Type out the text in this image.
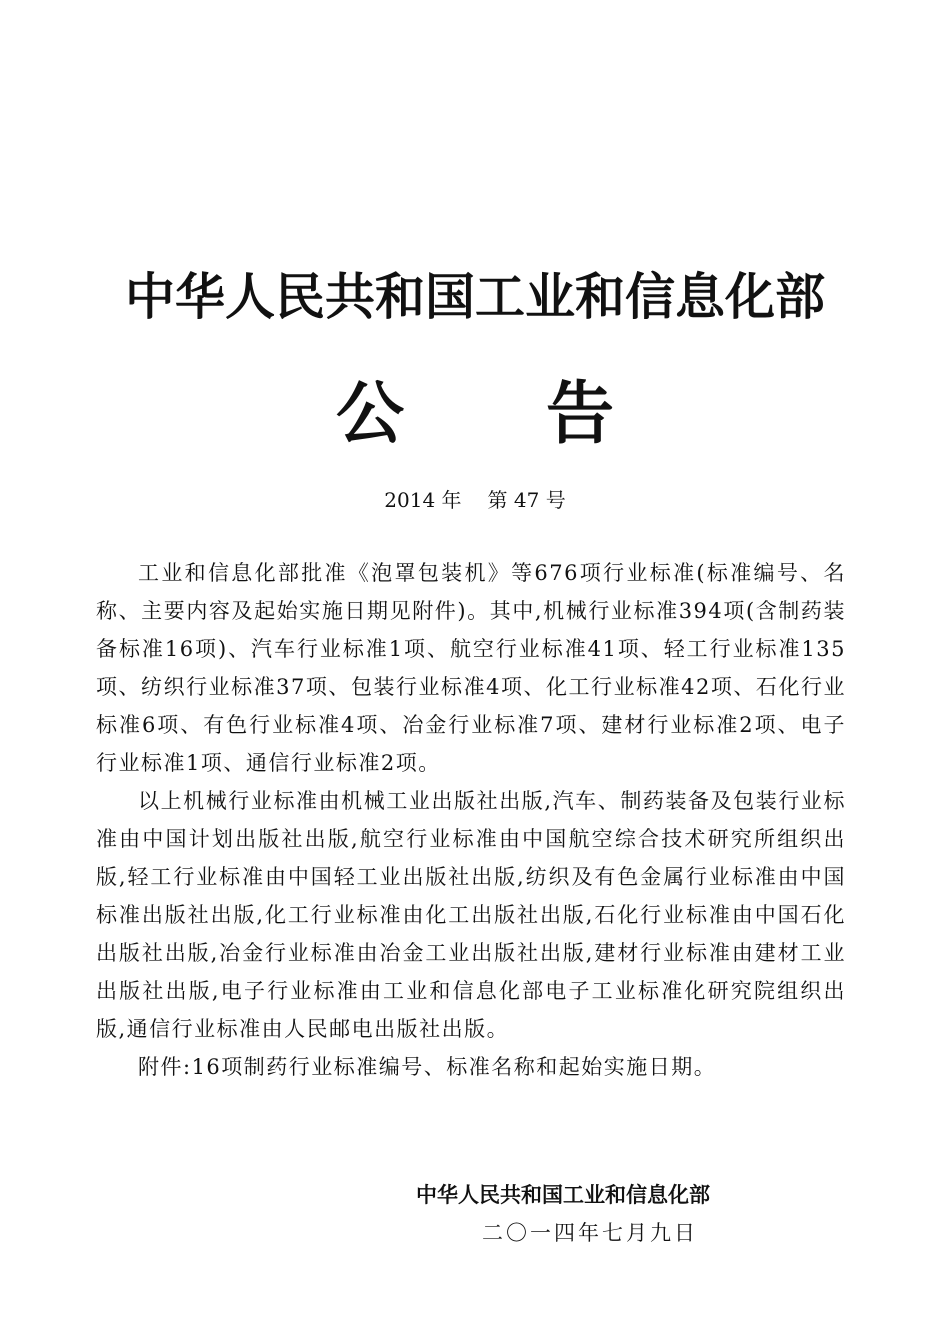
中华人民共和国工业和信息化部
公 告
2014 年 第 47 号

工业和信息化部批准《泡罩包装机》等676项行业标准(标准编号、名称、主要内容及起始实施日期见附件)。其中,机械行业标准394项(含制药装备标准16项)、汽车行业标准1项、航空行业标准41项、轻工行业标准135项、纺织行业标准37项、包装行业标准4项、化工行业标准42项、石化行业标准6项、有色行业标准4项、冶金行业标准7项、建材行业标准2项、电子行业标准1项、通信行业标准2项。

以上机械行业标准由机械工业出版社出版,汽车、制药装备及包装行业标准由中国计划出版社出版,航空行业标准由中国航空综合技术研究所组织出版,轻工行业标准由中国轻工业出版社出版,纺织及有色金属行业标准由中国标准出版社出版,化工行业标准由化工出版社出版,石化行业标准由中国石化出版社出版,冶金行业标准由冶金工业出版社出版,建材行业标准由建材工业出版社出版,电子行业标准由工业和信息化部电子工业标准化研究院组织出版,通信行业标准由人民邮电出版社出版。

附件:16项制药行业标准编号、标准名称和起始实施日期。

中华人民共和国工业和信息化部
二〇一四年七月九日
